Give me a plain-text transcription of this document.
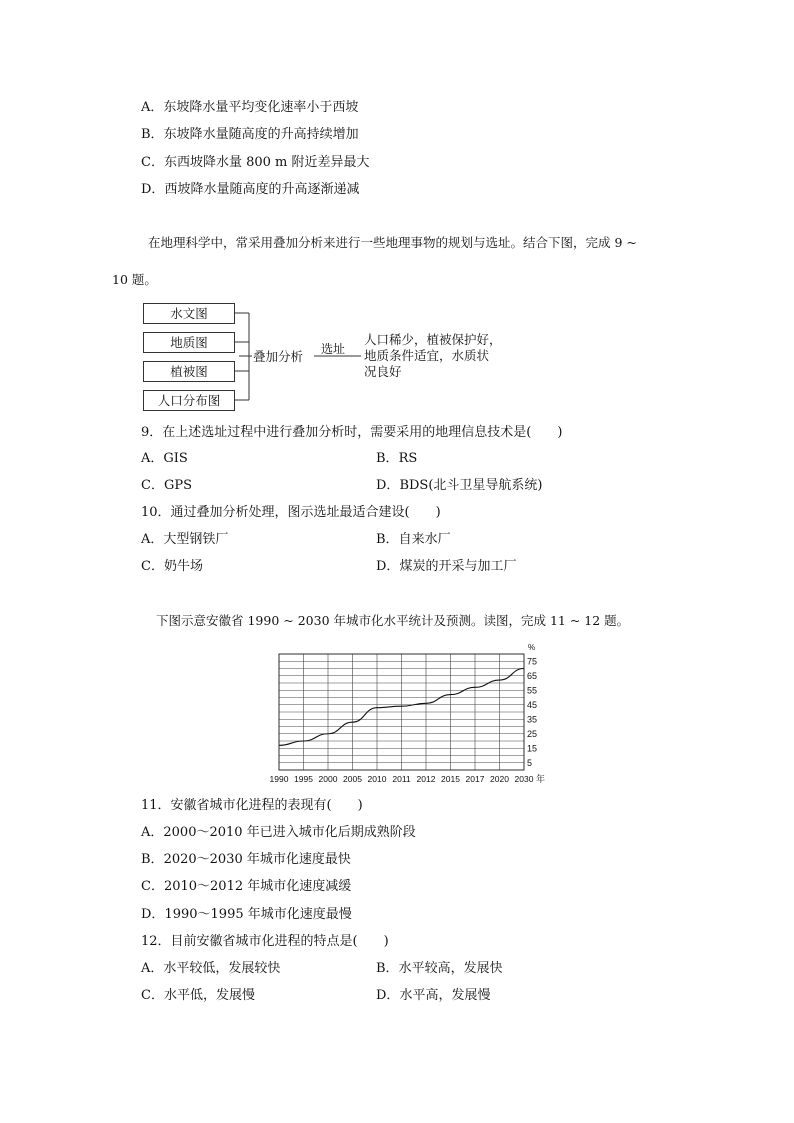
A．东坡降水量平均变化速率小于西坡
B．东坡降水量随高度的升高持续增加
C．东西坡降水量 800 m 附近差异最大
D．西坡降水量随高度的升高逐渐递减
在地理科学中，常采用叠加分析来进行一些地理事物的规划与选址。结合下图，完成 9 ~
10 题。
水文图
地质图
植被图
人口分布图
叠加分析 选址
人口稀少，植被保护好，
地质条件适宜，水质状
况良好
9．在上述选址过程中进行叠加分析时，需要采用的地理信息技术是(　　)
A．GIS	B．RS
C．GPS	D．BDS(北斗卫星导航系统)
10．通过叠加分析处理，图示选址最适合建设(　　)
A．大型钢铁厂	B．自来水厂
C．奶牛场	D．煤炭的开采与加工厂
下图示意安徽省 1990 ~ 2030 年城市化水平统计及预测。读图，完成 11 ~ 12 题。
5
15
25
35
45
55
65
75
%
1990 1995 2000 2005 2010 2011 2012 2015 2017 2020 2030 年
11．安徽省城市化进程的表现有(　　)
A．2000～2010 年已进入城市化后期成熟阶段
B．2020～2030 年城市化速度最快
C．2010～2012 年城市化速度减缓
D．1990～1995 年城市化速度最慢
12．目前安徽省城市化进程的特点是(　　)
A．水平较低，发展较快	B．水平较高，发展快
C．水平低，发展慢	D．水平高，发展慢
